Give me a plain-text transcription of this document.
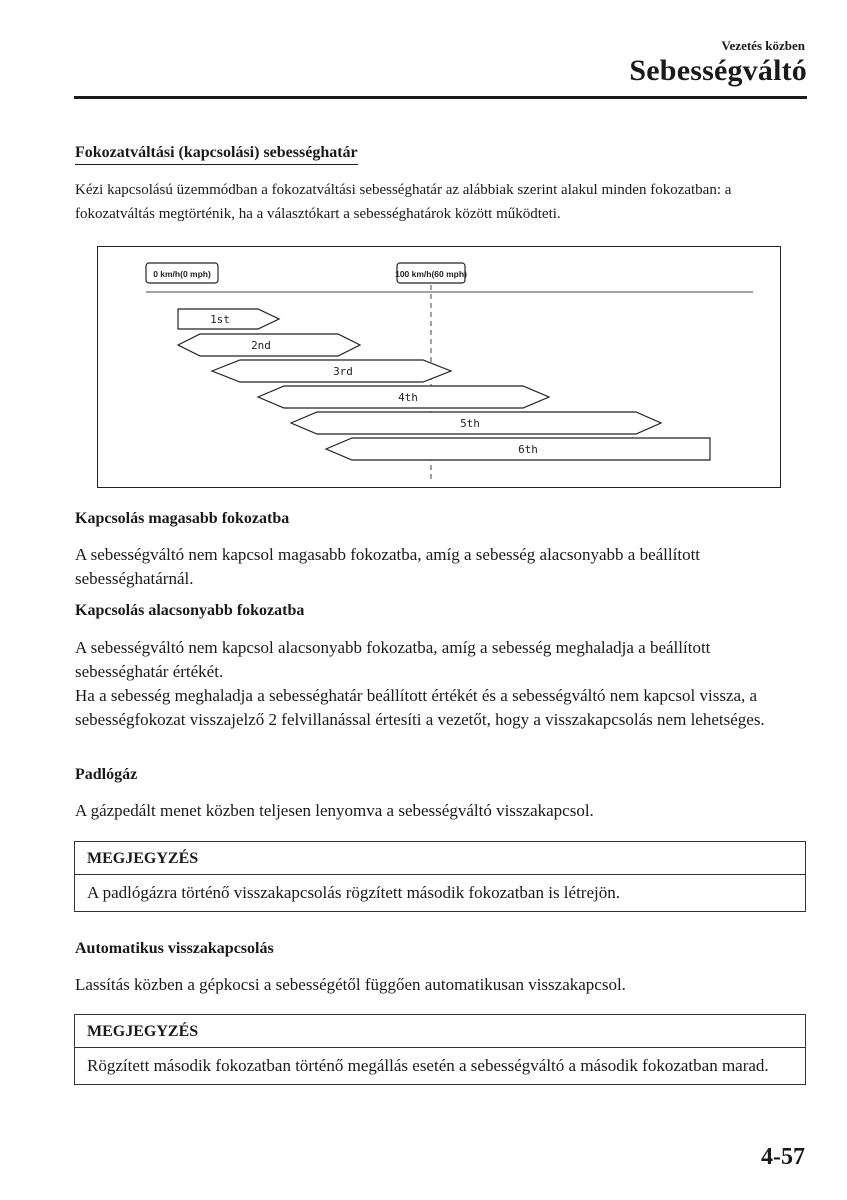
Vezetés közben
Sebességváltó
Fokozatváltási (kapcsolási) sebességhatár
Kézi kapcsolású üzemmódban a fokozatváltási sebességhatár az alábbiak szerint alakul minden fokozatban: a fokozatváltás megtörténik, ha a választókart a sebességhatárok között működteti.
0 km/h(0 mph)	100 km/h(60 mph)
1st
2nd
3rd
4th
5th
6th
Kapcsolás magasabb fokozatba
A sebességváltó nem kapcsol magasabb fokozatba, amíg a sebesség alacsonyabb a beállított sebességhatárnál.
Kapcsolás alacsonyabb fokozatba
A sebességváltó nem kapcsol alacsonyabb fokozatba, amíg a sebesség meghaladja a beállított sebességhatár értékét.
Ha a sebesség meghaladja a sebességhatár beállított értékét és a sebességváltó nem kapcsol vissza, a sebességfokozat visszajelző 2 felvillanással értesíti a vezetőt, hogy a visszakapcsolás nem lehetséges.
Padlógáz
A gázpedált menet közben teljesen lenyomva a sebességváltó visszakapcsol.
MEGJEGYZÉS
A padlógázra történő visszakapcsolás rögzített második fokozatban is létrejön.
Automatikus visszakapcsolás
Lassítás közben a gépkocsi a sebességétől függően automatikusan visszakapcsol.
MEGJEGYZÉS
Rögzített második fokozatban történő megállás esetén a sebességváltó a második fokozatban marad.
4-57
